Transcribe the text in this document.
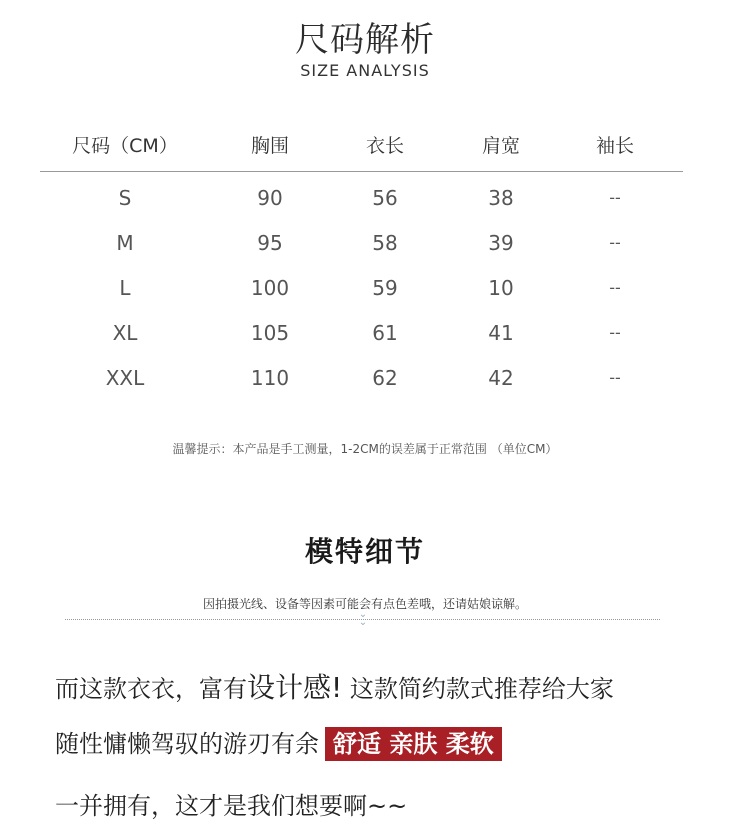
尺码解析
SIZE ANALYSIS
尺码（CM）	胸围	衣长	肩宽	袖长
S	90	56	38	--
M	95	58	39	--
L	100	59	10	--
XL	105	61	41	--
XXL	110	62	42	--
温馨提示：本产品是手工测量，1-2CM的误差属于正常范围 （单位CM）
模特细节
因拍摄光线、设备等因素可能会有点色差哦，还请姑娘谅解。
⌄
⌄
而这款衣衣，富有设计感! 这款简约款式推荐给大家
随性慵懒驾驭的游刃有余 舒适 亲肤 柔软
一并拥有，这才是我们想要啊~~
